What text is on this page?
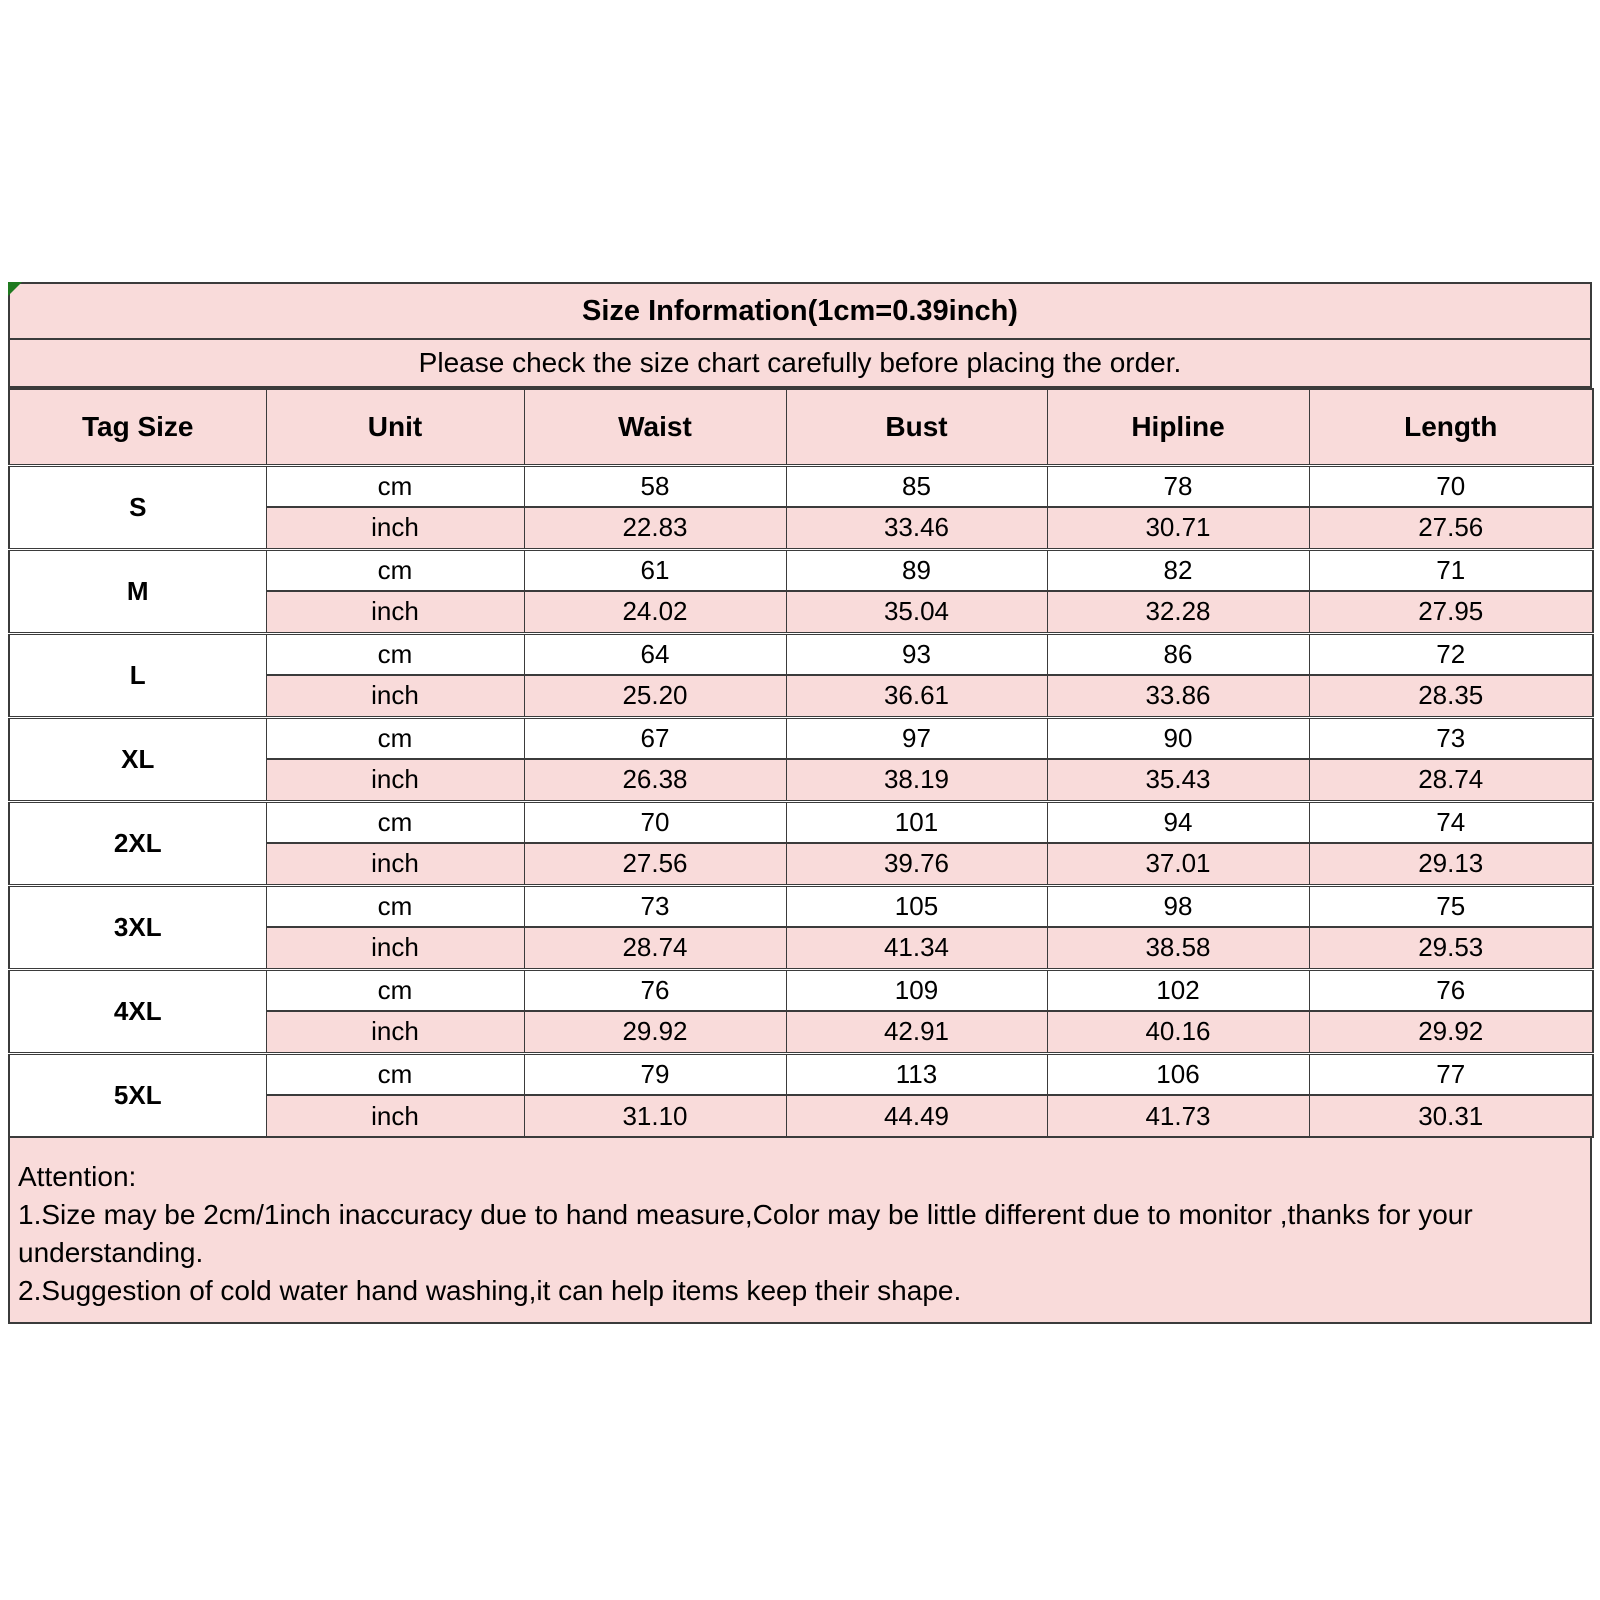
Size Information(1cm=0.39inch)
Please check the size chart carefully before placing the order.
Tag Size	Unit	Waist	Bust	Hipline	Length
S	cm	58	85	78	70
	inch	22.83	33.46	30.71	27.56
M	cm	61	89	82	71
	inch	24.02	35.04	32.28	27.95
L	cm	64	93	86	72
	inch	25.20	36.61	33.86	28.35
XL	cm	67	97	90	73
	inch	26.38	38.19	35.43	28.74
2XL	cm	70	101	94	74
	inch	27.56	39.76	37.01	29.13
3XL	cm	73	105	98	75
	inch	28.74	41.34	38.58	29.53
4XL	cm	76	109	102	76
	inch	29.92	42.91	40.16	29.92
5XL	cm	79	113	106	77
	inch	31.10	44.49	41.73	30.31
Attention:
1.Size may be 2cm/1inch inaccuracy due to hand measure,Color may be little different due to monitor ,thanks for your understanding.
2.Suggestion of cold water hand washing,it can help items keep their shape.
